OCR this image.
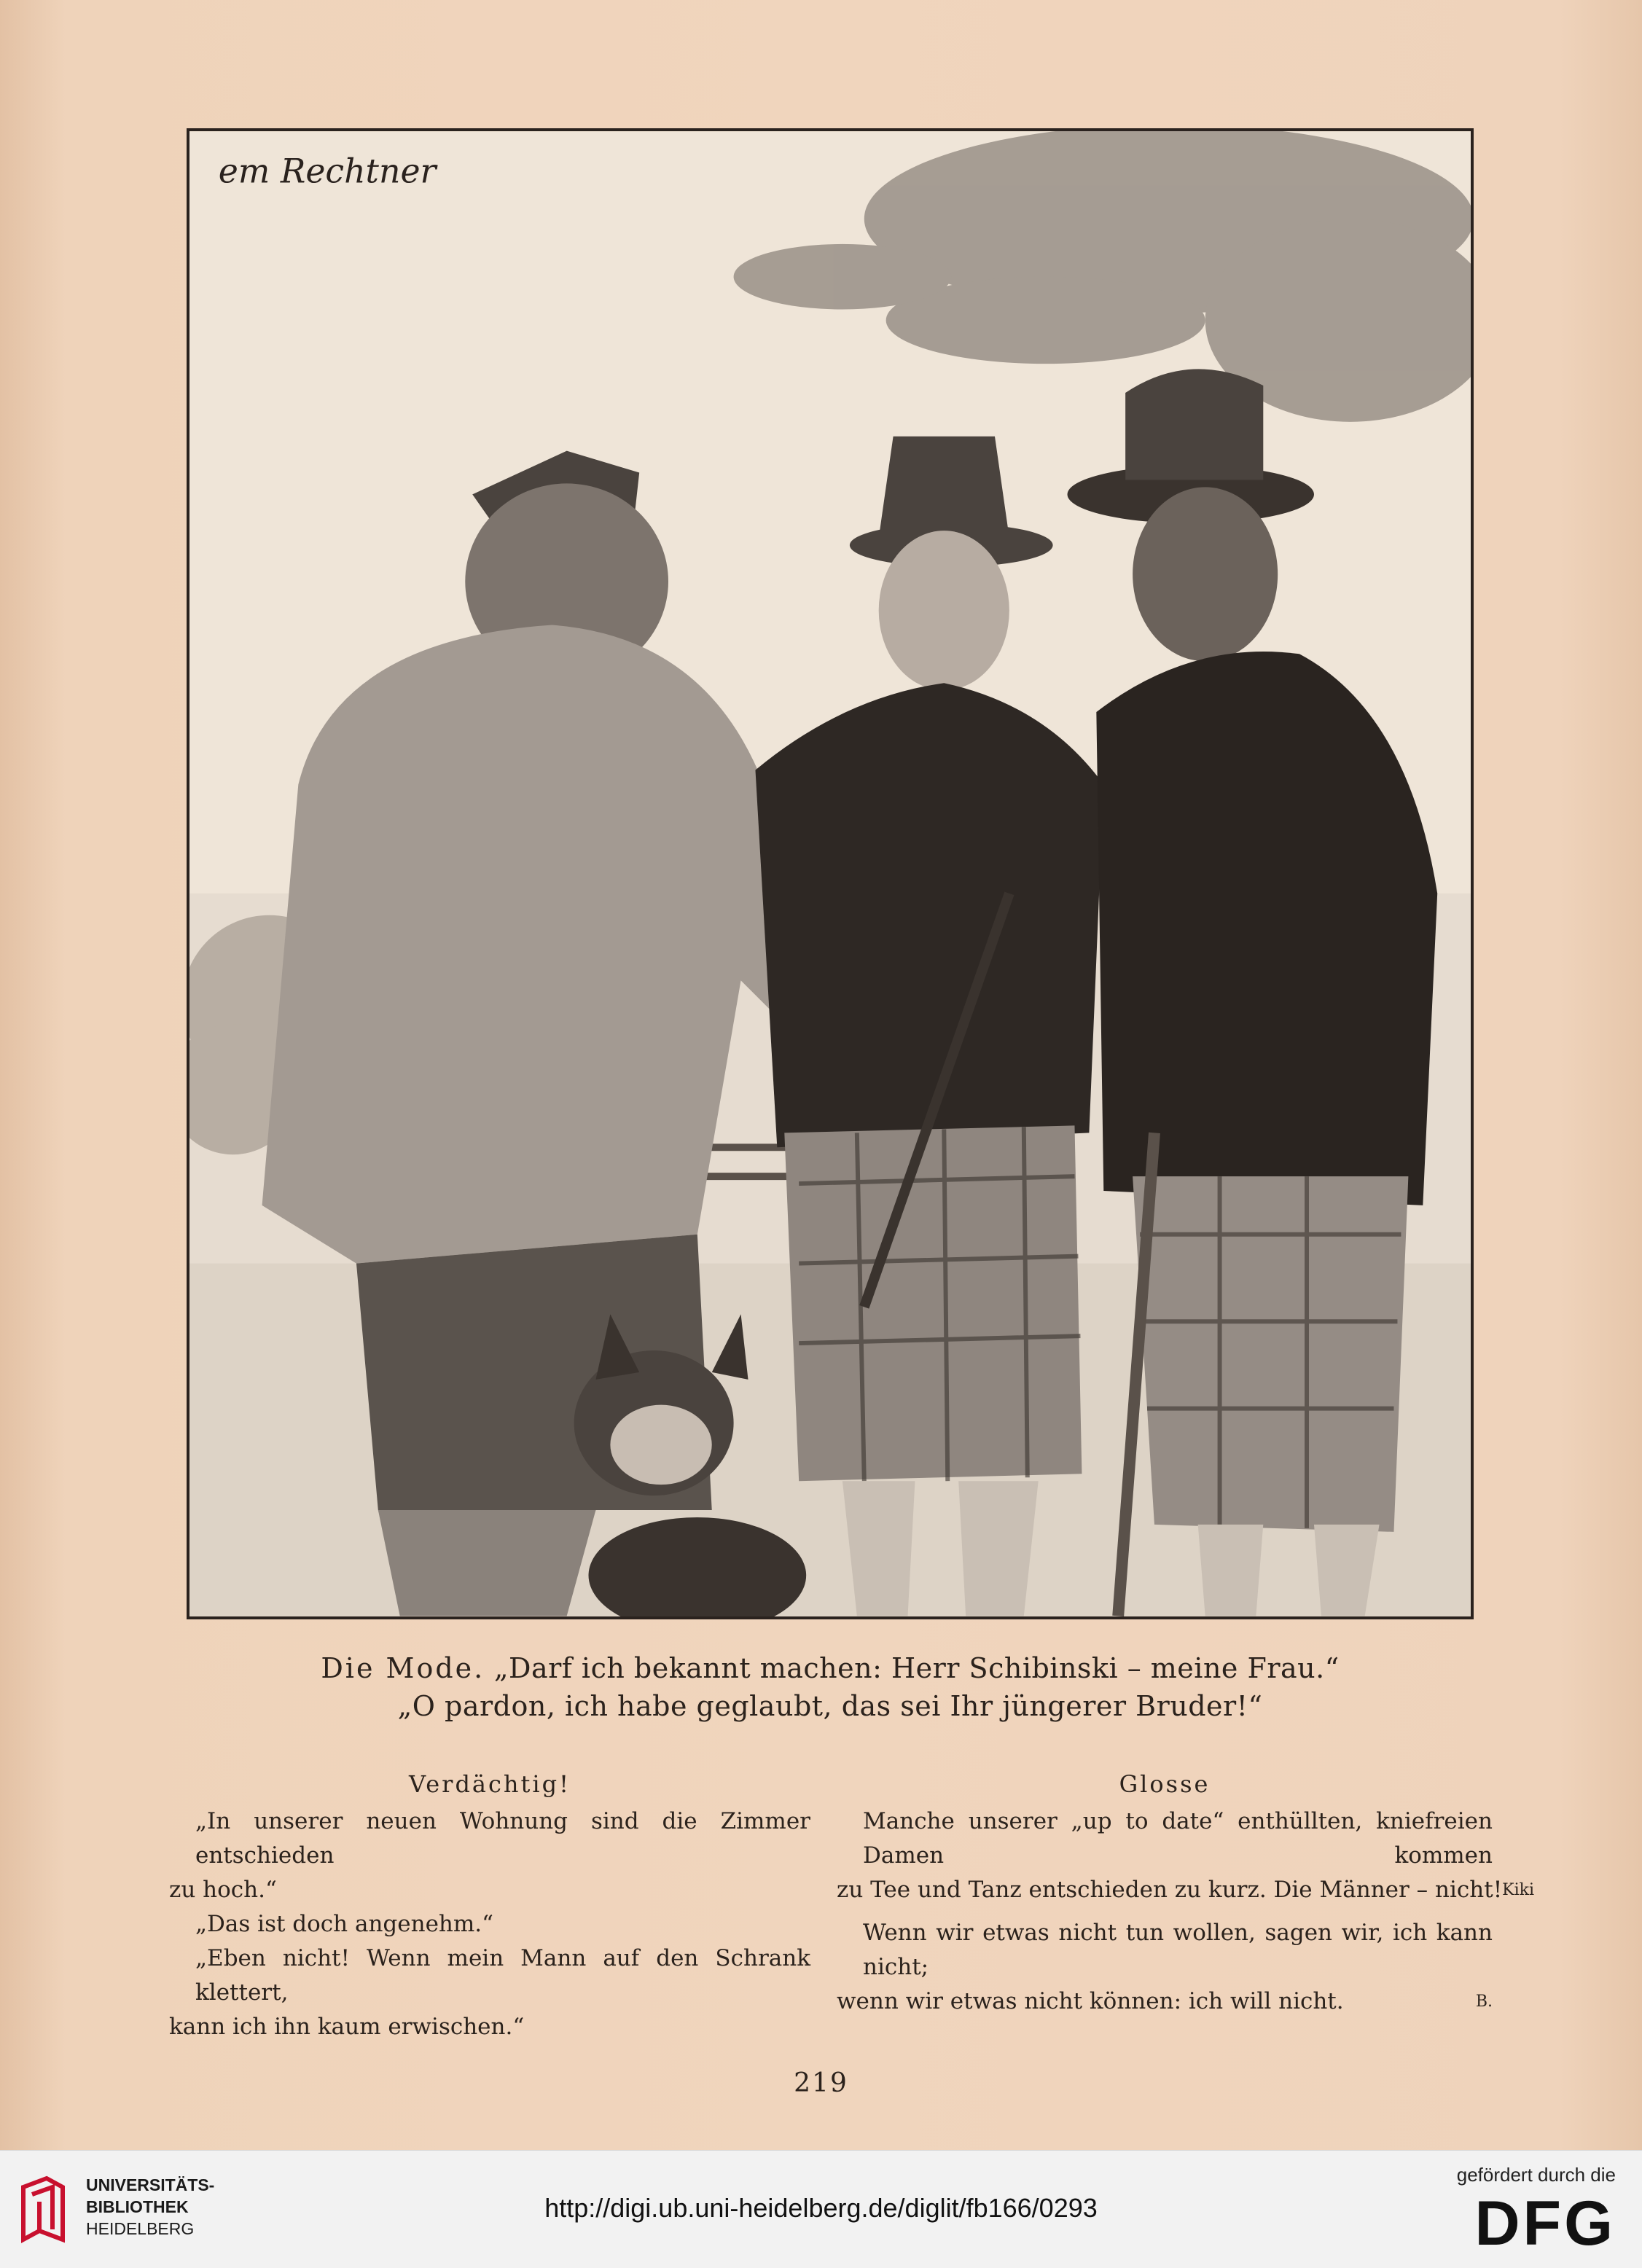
em Rechtner
Die Mode. „Darf ich bekannt machen: Herr Schibinski – meine Frau.“
„O pardon, ich habe geglaubt, das sei Ihr jüngerer Bruder!“
Verdächtig!
„In unserer neuen Wohnung sind die Zimmer entschieden
zu hoch.“
„Das ist doch angenehm.“
„Eben nicht! Wenn mein Mann auf den Schrank klettert,
kann ich ihn kaum erwischen.“
Glosse
Manche unserer „up to date“ enthüllten, kniefreien Damen kommen
zu Tee und Tanz entschieden zu kurz. Die Männer – nicht! Kiki
Wenn wir etwas nicht tun wollen, sagen wir, ich kann nicht;
wenn wir etwas nicht können: ich will nicht.	B.
219
UNIVERSITÄTS-
BIBLIOTHEK
HEIDELBERG
http://digi.ub.uni-heidelberg.de/diglit/fb166/0293
gefördert durch die
DFG
